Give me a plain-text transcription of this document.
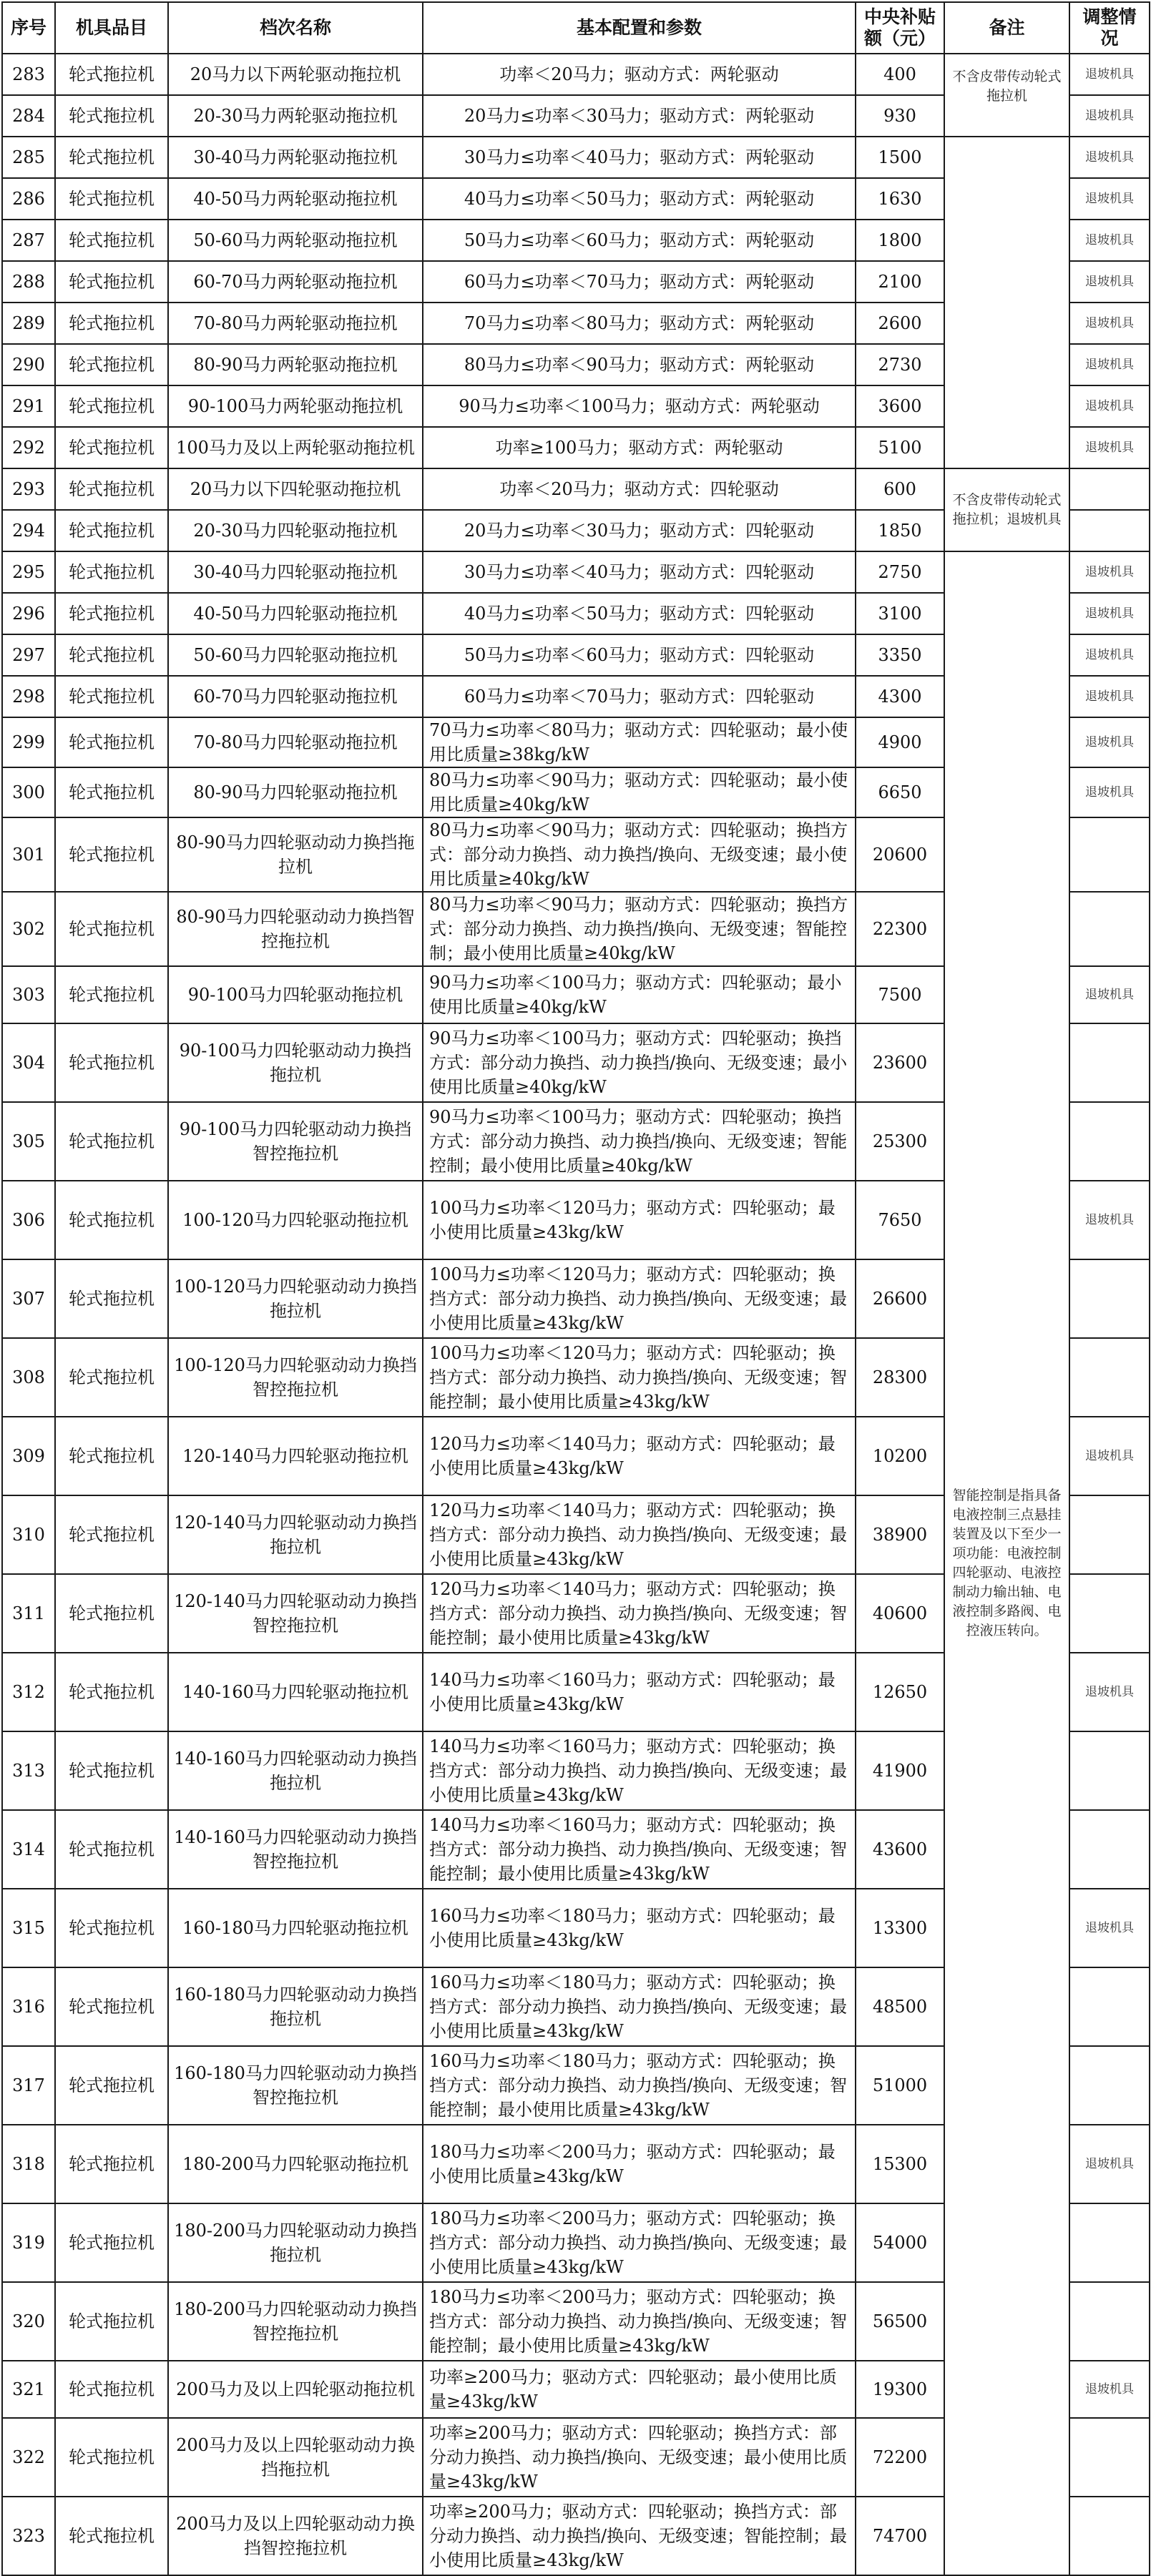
序号	机具品目	档次名称	基本配置和参数	中央补贴额（元）	备注	调整情况
283	轮式拖拉机	20马力以下两轮驱动拖拉机	功率＜20马力；驱动方式：两轮驱动	400	不含皮带传动轮式拖拉机	退坡机具
284	轮式拖拉机	20-30马力两轮驱动拖拉机	20马力≤功率＜30马力；驱动方式：两轮驱动	930		退坡机具
285	轮式拖拉机	30-40马力两轮驱动拖拉机	30马力≤功率＜40马力；驱动方式：两轮驱动	1500		退坡机具
286	轮式拖拉机	40-50马力两轮驱动拖拉机	40马力≤功率＜50马力；驱动方式：两轮驱动	1630		退坡机具
287	轮式拖拉机	50-60马力两轮驱动拖拉机	50马力≤功率＜60马力；驱动方式：两轮驱动	1800		退坡机具
288	轮式拖拉机	60-70马力两轮驱动拖拉机	60马力≤功率＜70马力；驱动方式：两轮驱动	2100		退坡机具
289	轮式拖拉机	70-80马力两轮驱动拖拉机	70马力≤功率＜80马力；驱动方式：两轮驱动	2600		退坡机具
290	轮式拖拉机	80-90马力两轮驱动拖拉机	80马力≤功率＜90马力；驱动方式：两轮驱动	2730		退坡机具
291	轮式拖拉机	90-100马力两轮驱动拖拉机	90马力≤功率＜100马力；驱动方式：两轮驱动	3600		退坡机具
292	轮式拖拉机	100马力及以上两轮驱动拖拉机	功率≥100马力；驱动方式：两轮驱动	5100		退坡机具
293	轮式拖拉机	20马力以下四轮驱动拖拉机	功率＜20马力；驱动方式：四轮驱动	600	不含皮带传动轮式拖拉机；退坡机具	
294	轮式拖拉机	20-30马力四轮驱动拖拉机	20马力≤功率＜30马力；驱动方式：四轮驱动	1850		
295	轮式拖拉机	30-40马力四轮驱动拖拉机	30马力≤功率＜40马力；驱动方式：四轮驱动	2750	智能控制是指具备电液控制三点悬挂装置及以下至少一项功能：电液控制四轮驱动、电液控制动力输出轴、电液控制多路阀、电控液压转向。	退坡机具
296	轮式拖拉机	40-50马力四轮驱动拖拉机	40马力≤功率＜50马力；驱动方式：四轮驱动	3100		退坡机具
297	轮式拖拉机	50-60马力四轮驱动拖拉机	50马力≤功率＜60马力；驱动方式：四轮驱动	3350		退坡机具
298	轮式拖拉机	60-70马力四轮驱动拖拉机	60马力≤功率＜70马力；驱动方式：四轮驱动	4300		退坡机具
299	轮式拖拉机	70-80马力四轮驱动拖拉机	70马力≤功率＜80马力；驱动方式：四轮驱动；最小使用比质量≥38kg/kW	4900		退坡机具
300	轮式拖拉机	80-90马力四轮驱动拖拉机	80马力≤功率＜90马力；驱动方式：四轮驱动；最小使用比质量≥40kg/kW	6650		退坡机具
301	轮式拖拉机	80-90马力四轮驱动动力换挡拖拉机	80马力≤功率＜90马力；驱动方式：四轮驱动；换挡方式：部分动力换挡、动力换挡/换向、无级变速；最小使用比质量≥40kg/kW	20600		
302	轮式拖拉机	80-90马力四轮驱动动力换挡智控拖拉机	80马力≤功率＜90马力；驱动方式：四轮驱动；换挡方式：部分动力换挡、动力换挡/换向、无级变速；智能控制；最小使用比质量≥40kg/kW	22300		
303	轮式拖拉机	90-100马力四轮驱动拖拉机	90马力≤功率＜100马力；驱动方式：四轮驱动；最小使用比质量≥40kg/kW	7500		退坡机具
304	轮式拖拉机	90-100马力四轮驱动动力换挡拖拉机	90马力≤功率＜100马力；驱动方式：四轮驱动；换挡方式：部分动力换挡、动力换挡/换向、无级变速；最小使用比质量≥40kg/kW	23600		
305	轮式拖拉机	90-100马力四轮驱动动力换挡智控拖拉机	90马力≤功率＜100马力；驱动方式：四轮驱动；换挡方式：部分动力换挡、动力换挡/换向、无级变速；智能控制；最小使用比质量≥40kg/kW	25300		
306	轮式拖拉机	100-120马力四轮驱动拖拉机	100马力≤功率＜120马力；驱动方式：四轮驱动；最小使用比质量≥43kg/kW	7650		退坡机具
307	轮式拖拉机	100-120马力四轮驱动动力换挡拖拉机	100马力≤功率＜120马力；驱动方式：四轮驱动；换挡方式：部分动力换挡、动力换挡/换向、无级变速；最小使用比质量≥43kg/kW	26600		
308	轮式拖拉机	100-120马力四轮驱动动力换挡智控拖拉机	100马力≤功率＜120马力；驱动方式：四轮驱动；换挡方式：部分动力换挡、动力换挡/换向、无级变速；智能控制；最小使用比质量≥43kg/kW	28300		
309	轮式拖拉机	120-140马力四轮驱动拖拉机	120马力≤功率＜140马力；驱动方式：四轮驱动；最小使用比质量≥43kg/kW	10200		退坡机具
310	轮式拖拉机	120-140马力四轮驱动动力换挡拖拉机	120马力≤功率＜140马力；驱动方式：四轮驱动；换挡方式：部分动力换挡、动力换挡/换向、无级变速；最小使用比质量≥43kg/kW	38900		
311	轮式拖拉机	120-140马力四轮驱动动力换挡智控拖拉机	120马力≤功率＜140马力；驱动方式：四轮驱动；换挡方式：部分动力换挡、动力换挡/换向、无级变速；智能控制；最小使用比质量≥43kg/kW	40600		
312	轮式拖拉机	140-160马力四轮驱动拖拉机	140马力≤功率＜160马力；驱动方式：四轮驱动；最小使用比质量≥43kg/kW	12650		退坡机具
313	轮式拖拉机	140-160马力四轮驱动动力换挡拖拉机	140马力≤功率＜160马力；驱动方式：四轮驱动；换挡方式：部分动力换挡、动力换挡/换向、无级变速；最小使用比质量≥43kg/kW	41900		
314	轮式拖拉机	140-160马力四轮驱动动力换挡智控拖拉机	140马力≤功率＜160马力；驱动方式：四轮驱动；换挡方式：部分动力换挡、动力换挡/换向、无级变速；智能控制；最小使用比质量≥43kg/kW	43600		
315	轮式拖拉机	160-180马力四轮驱动拖拉机	160马力≤功率＜180马力；驱动方式：四轮驱动；最小使用比质量≥43kg/kW	13300		退坡机具
316	轮式拖拉机	160-180马力四轮驱动动力换挡拖拉机	160马力≤功率＜180马力；驱动方式：四轮驱动；换挡方式：部分动力换挡、动力换挡/换向、无级变速；最小使用比质量≥43kg/kW	48500		
317	轮式拖拉机	160-180马力四轮驱动动力换挡智控拖拉机	160马力≤功率＜180马力；驱动方式：四轮驱动；换挡方式：部分动力换挡、动力换挡/换向、无级变速；智能控制；最小使用比质量≥43kg/kW	51000		
318	轮式拖拉机	180-200马力四轮驱动拖拉机	180马力≤功率＜200马力；驱动方式：四轮驱动；最小使用比质量≥43kg/kW	15300		退坡机具
319	轮式拖拉机	180-200马力四轮驱动动力换挡拖拉机	180马力≤功率＜200马力；驱动方式：四轮驱动；换挡方式：部分动力换挡、动力换挡/换向、无级变速；最小使用比质量≥43kg/kW	54000		
320	轮式拖拉机	180-200马力四轮驱动动力换挡智控拖拉机	180马力≤功率＜200马力；驱动方式：四轮驱动；换挡方式：部分动力换挡、动力换挡/换向、无级变速；智能控制；最小使用比质量≥43kg/kW	56500		
321	轮式拖拉机	200马力及以上四轮驱动拖拉机	功率≥200马力；驱动方式：四轮驱动；最小使用比质量≥43kg/kW	19300		退坡机具
322	轮式拖拉机	200马力及以上四轮驱动动力换挡拖拉机	功率≥200马力；驱动方式：四轮驱动；换挡方式：部分动力换挡、动力换挡/换向、无级变速；最小使用比质量≥43kg/kW	72200		
323	轮式拖拉机	200马力及以上四轮驱动动力换挡智控拖拉机	功率≥200马力；驱动方式：四轮驱动；换挡方式：部分动力换挡、动力换挡/换向、无级变速；智能控制；最小使用比质量≥43kg/kW	74700		
